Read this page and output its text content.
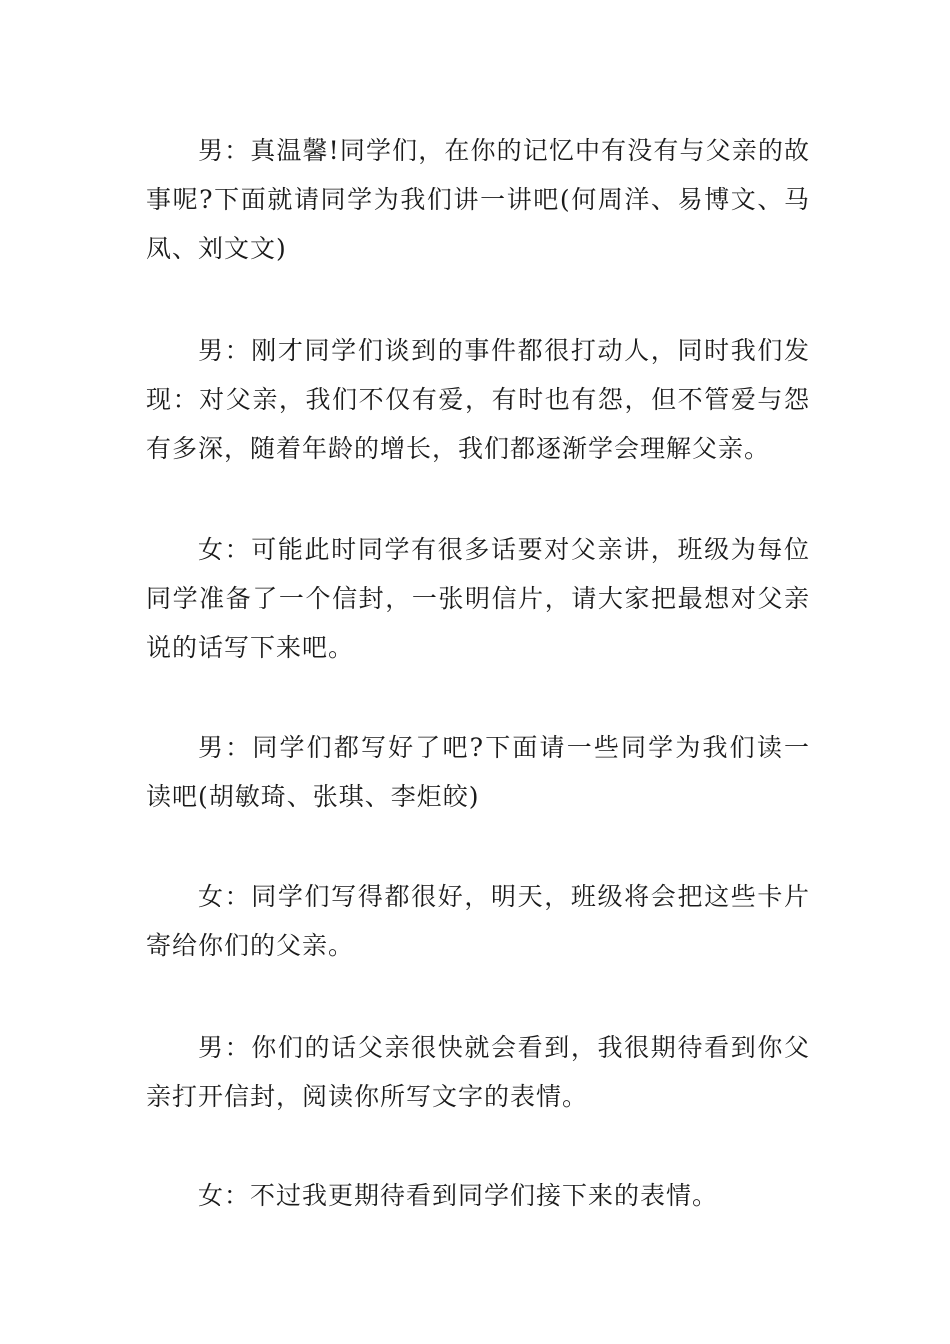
男：真温馨!同学们，在你的记忆中有没有与父亲的故事呢?下面就请同学为我们讲一讲吧(何周洋、易博文、马凤、刘文文)

男：刚才同学们谈到的事件都很打动人，同时我们发现：对父亲，我们不仅有爱，有时也有怨，但不管爱与怨有多深，随着年龄的增长，我们都逐渐学会理解父亲。

女：可能此时同学有很多话要对父亲讲，班级为每位同学准备了一个信封，一张明信片，请大家把最想对父亲说的话写下来吧。

男：同学们都写好了吧?下面请一些同学为我们读一读吧(胡敏琦、张琪、李炬皎)

女：同学们写得都很好，明天，班级将会把这些卡片寄给你们的父亲。

男：你们的话父亲很快就会看到，我很期待看到你父亲打开信封，阅读你所写文字的表情。

女：不过我更期待看到同学们接下来的表情。
